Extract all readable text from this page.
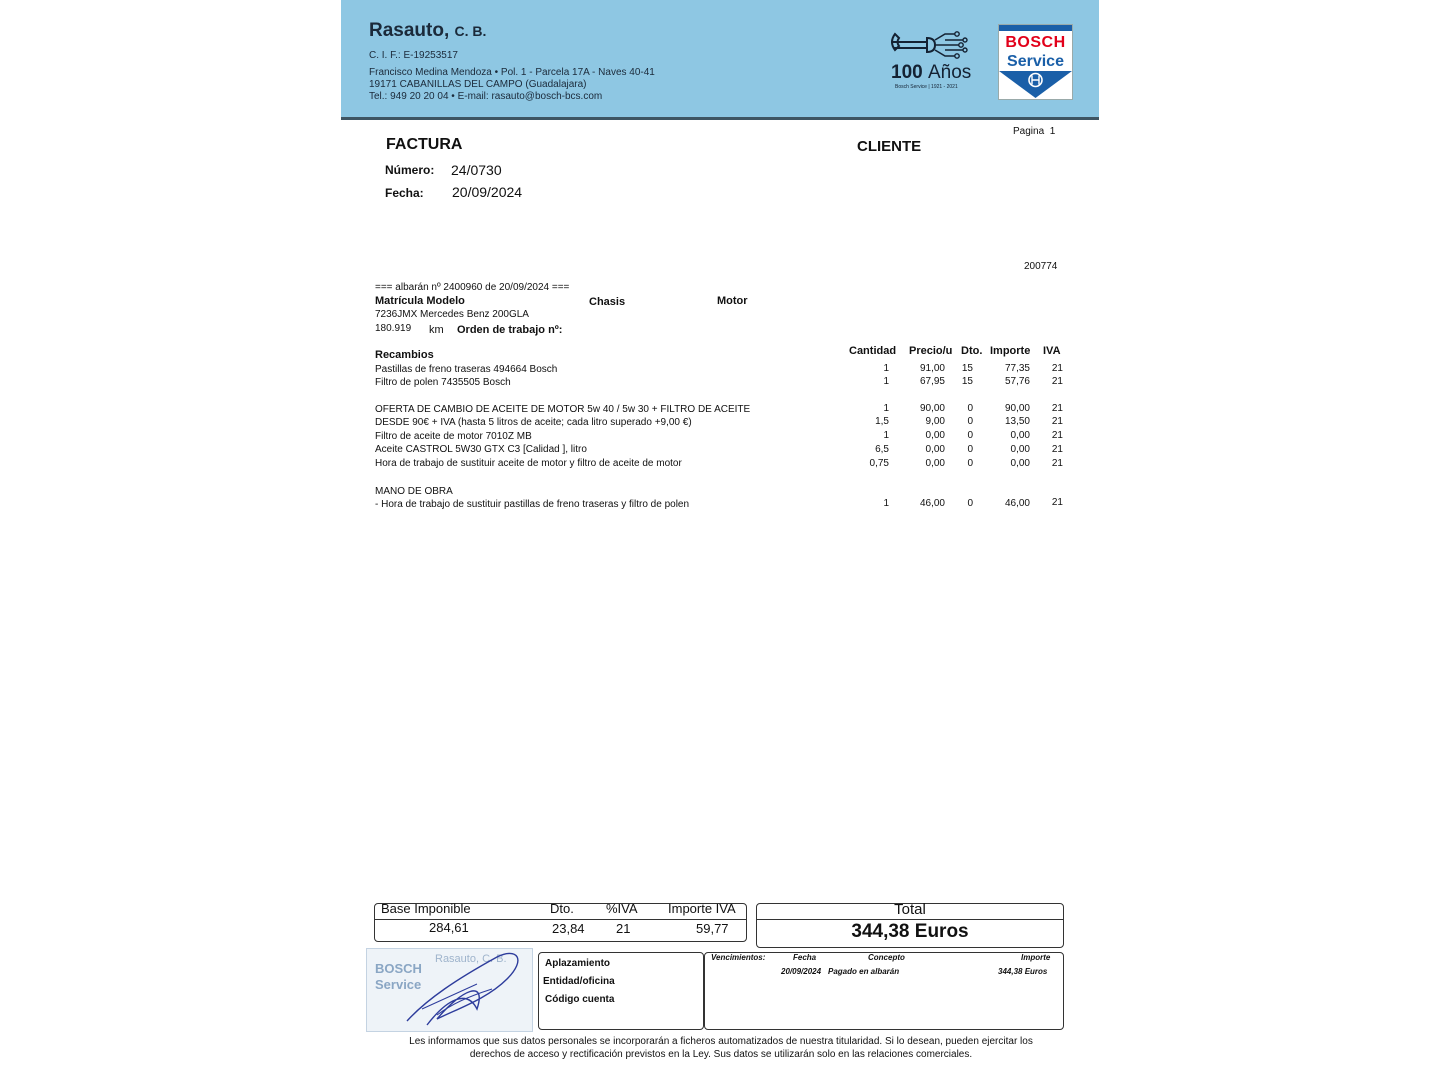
Rasauto, C. B.
C. I. F.: E-19253517
Francisco Medina Mendoza • Pol. 1 - Parcela 17A - Naves 40-41
19171 CABANILLAS DEL CAMPO (Guadalajara)
Tel.: 949 20 20 04 • E-mail: rasauto@bosch-bcs.com
100 Años
Bosch Service | 1921 - 2021
BOSCH
Service
FACTURA
Número: 24/0730
Fecha: 20/09/2024
CLIENTE
Pagina 1
200774
=== albarán nº 2400960 de 20/09/2024 ===
Matrícula Modelo	Chasis	Motor
7236JMX Mercedes Benz 200GLA
180.919 km Orden de trabajo nº:
Recambios	Cantidad Precio/u Dto. Importe IVA
Pastillas de freno traseras 494664 Bosch	1	91,00	15	77,35	21
Filtro de polen 7435505 Bosch	1	67,95	15	57,76	21
OFERTA DE CAMBIO DE ACEITE DE MOTOR 5w 40 / 5w 30 + FILTRO DE ACEITE	1	90,00	0	90,00	21
DESDE 90€ + IVA (hasta 5 litros de aceite; cada litro superado +9,00 €)	1,5	9,00	0	13,50	21
Filtro de aceite de motor 7010Z MB	1	0,00	0	0,00	21
Aceite CASTROL 5W30 GTX C3 [Calidad ], litro	6,5	0,00	0	0,00	21
Hora de trabajo de sustituir aceite de motor y filtro de aceite de motor	0,75	0,00	0	0,00	21
MANO DE OBRA
- Hora de trabajo de sustituir pastillas de freno traseras y filtro de polen	1	46,00	0	46,00	21
Base Imponible	Dto. %IVA Importe IVA
284,61	23,84 21	59,77
Total
344,38 Euros
BOSCH
Service
Rasauto, C. B.	Aplazamiento
Entidad/oficina
Código cuenta
Vencimientos:	Fecha	Concepto	Importe
20/09/2024 Pagado en albarán	344,38 Euros
Les informamos que sus datos personales se incorporarán a ficheros automatizados de nuestra titularidad. Si lo desean, pueden ejercitar los
derechos de acceso y rectificación previstos en la Ley. Sus datos se utilizarán solo en las relaciones comerciales.
